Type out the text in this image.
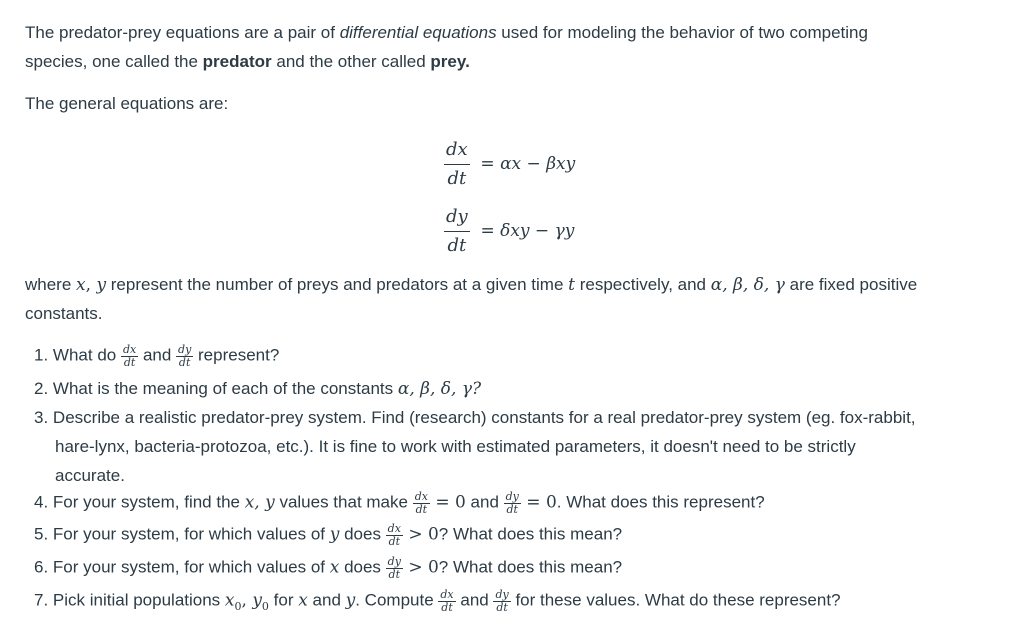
The predator-prey equations are a pair of differential equations used for modeling the behavior of two competing
species, one called the predator and the other called prey.
The general equations are:
$\frac{dx}{dt} = \alpha x - \beta xy$
$\frac{dy}{dt} = \delta xy - \gamma y$
where x, y represent the number of preys and predators at a given time t respectively, and α, β, δ, γ are fixed positive
constants.
1. What do $\frac{dx}{dt}$ and $\frac{dy}{dt}$ represent?
2. What is the meaning of each of the constants α, β, δ, γ?
3. Describe a realistic predator-prey system. Find (research) constants for a real predator-prey system (eg. fox-rabbit,
hare-lynx, bacteria-protozoa, etc.). It is fine to work with estimated parameters, it doesn't need to be strictly
accurate.
4. For your system, find the x, y values that make $\frac{dx}{dt} = 0$ and $\frac{dy}{dt} = 0$. What does this represent?
5. For your system, for which values of y does $\frac{dx}{dt} > 0$? What does this mean?
6. For your system, for which values of x does $\frac{dy}{dt} > 0$? What does this mean?
7. Pick initial populations $x_0$, $y_0$ for x and y. Compute $\frac{dx}{dt}$ and $\frac{dy}{dt}$ for these values. What do these represent?
